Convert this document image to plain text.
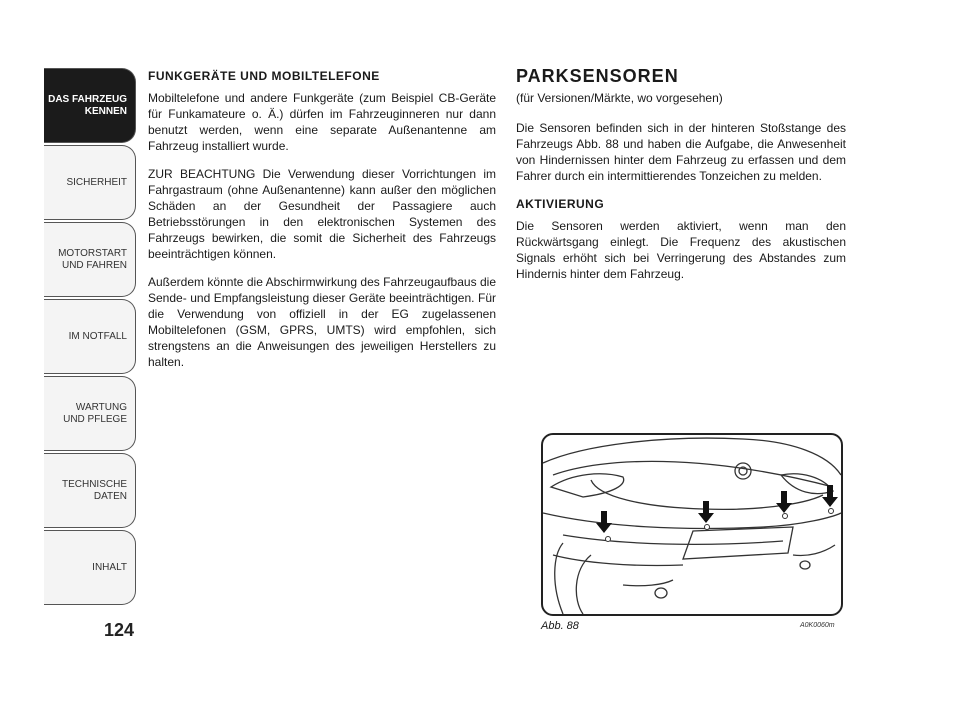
DAS FAHRZEUG
KENNEN
SICHERHEIT
MOTORSTART
UND FAHREN
IM NOTFALL
WARTUNG
UND PFLEGE
TECHNISCHE
DATEN
INHALT
124
FUNKGERÄTE UND MOBILTELEFONE

Mobiltelefone und andere Funkgeräte (zum Beispiel CB-Geräte für Funkamateure o. Ä.) dürfen im Fahrzeuginneren nur dann benutzt werden, wenn eine separate Außenantenne am Fahrzeug installiert wurde.

ZUR BEACHTUNG Die Verwendung dieser Vorrichtungen im Fahrgastraum (ohne Außenantenne) kann außer den möglichen Schäden an der Gesundheit der Passagiere auch Betriebsstörungen in den elektronischen Systemen des Fahrzeugs bewirken, die somit die Sicherheit des Fahrzeugs beeinträchtigen können.

Außerdem könnte die Abschirmwirkung des Fahrzeugaufbaus die Sende- und Empfangsleistung dieser Geräte beeinträchtigen. Für die Verwendung von offiziell in der EG zugelassenen Mobiltelefonen (GSM, GPRS, UMTS) wird empfohlen, sich strengstens an die Anweisungen des jeweiligen Herstellers zu halten.

PARKSENSOREN
(für Versionen/Märkte, wo vorgesehen)

Die Sensoren befinden sich in der hinteren Stoßstange des Fahrzeugs Abb. 88 und haben die Aufgabe, die Anwesenheit von Hindernissen hinter dem Fahrzeug zu erfassen und dem Fahrer durch ein intermittierendes Tonzeichen zu melden.

AKTIVIERUNG

Die Sensoren werden aktiviert, wenn man den Rückwärtsgang einlegt. Die Frequenz des akustischen Signals erhöht sich bei Verringerung des Abstandes zum Hindernis hinter dem Fahrzeug.

Abb. 88	A0K0060m
